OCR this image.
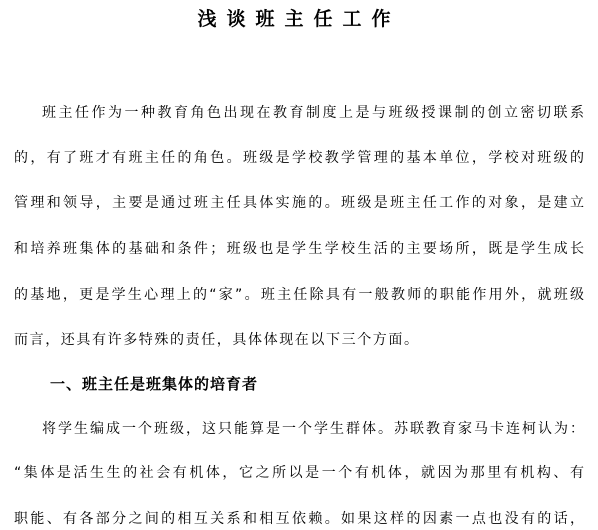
浅谈班主任工作
班主任作为一种教育角色出现在教育制度上是与班级授课制的创立密切联系
的，有了班才有班主任的角色。班级是学校教学管理的基本单位，学校对班级的
管理和领导，主要是通过班主任具体实施的。班级是班主任工作的对象，是建立
和培养班集体的基础和条件；班级也是学生学校生活的主要场所，既是学生成长
的基地，更是学生心理上的“家”。班主任除具有一般教师的职能作用外，就班级
而言，还具有许多特殊的责任，具体体现在以下三个方面。
一、班主任是班集体的培育者
将学生编成一个班级，这只能算是一个学生群体。苏联教育家马卡连柯认为：
“集体是活生生的社会有机体，它之所以是一个有机体，就因为那里有机构、有
职能、有各部分之间的相互关系和相互依赖。如果这样的因素一点也没有的话，
